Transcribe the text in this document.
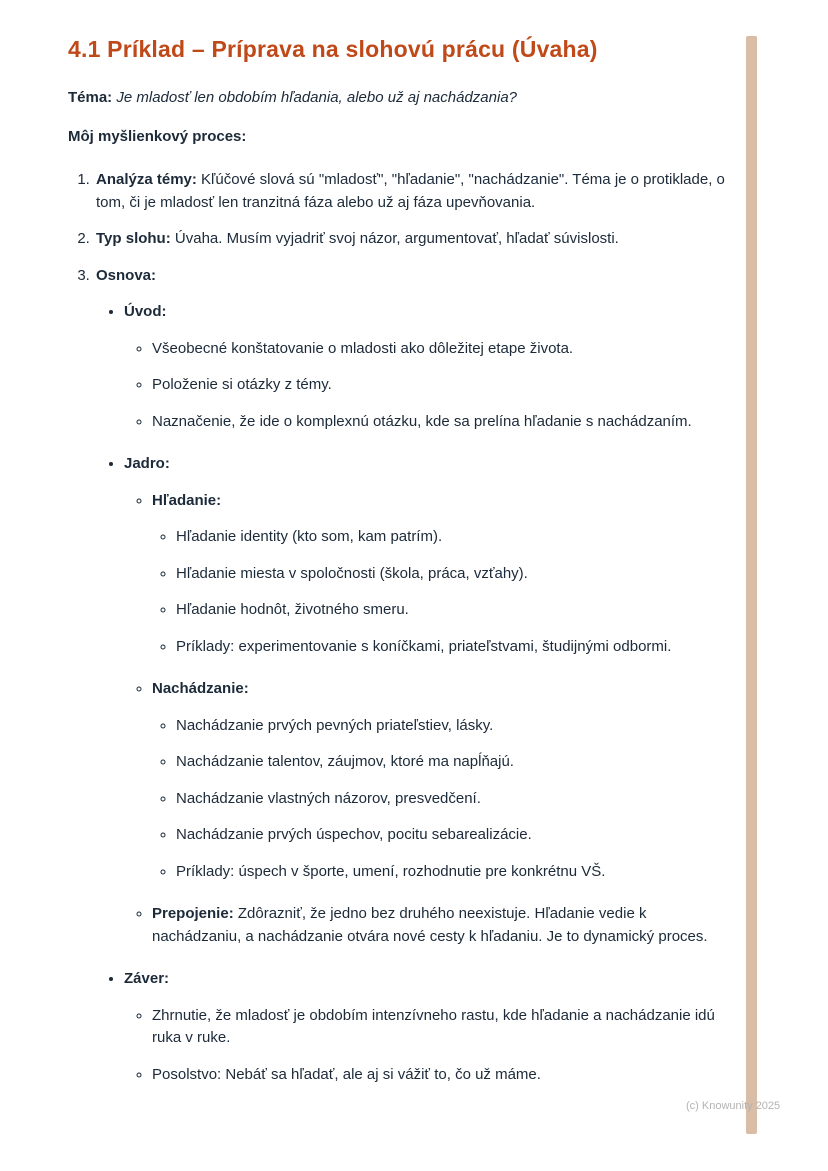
4.1 Príklad – Príprava na slohovú prácu (Úvaha)

Téma: Je mladosť len obdobím hľadania, alebo už aj nachádzania?

Môj myšlienkový proces:

1. Analýza témy: Kľúčové slová sú "mladosť", "hľadanie", "nachádzanie". Téma je o protiklade, o tom, či je mladosť len tranzitná fáza alebo už aj fáza upevňovania.
2. Typ slohu: Úvaha. Musím vyjadriť svoj názor, argumentovať, hľadať súvislosti.
3. Osnova:
• Úvod:
◦ Všeobecné konštatovanie o mladosti ako dôležitej etape života.
◦ Položenie si otázky z témy.
◦ Naznačenie, že ide o komplexnú otázku, kde sa prelína hľadanie s nachádzaním.
• Jadro:
◦ Hľadanie:
◦ Hľadanie identity (kto som, kam patrím).
◦ Hľadanie miesta v spoločnosti (škola, práca, vzťahy).
◦ Hľadanie hodnôt, životného smeru.
◦ Príklady: experimentovanie s koníčkami, priateľstvami, študijnými odbormi.
◦ Nachádzanie:
◦ Nachádzanie prvých pevných priateľstiev, lásky.
◦ Nachádzanie talentov, záujmov, ktoré ma napĺňajú.
◦ Nachádzanie vlastných názorov, presvedčení.
◦ Nachádzanie prvých úspechov, pocitu sebarealizácie.
◦ Príklady: úspech v športe, umení, rozhodnutie pre konkrétnu VŠ.
◦ Prepojenie: Zdôrazniť, že jedno bez druhého neexistuje. Hľadanie vedie k nachádzaniu, a nachádzanie otvára nové cesty k hľadaniu. Je to dynamický proces.
• Záver:
◦ Zhrnutie, že mladosť je obdobím intenzívneho rastu, kde hľadanie a nachádzanie idú ruka v ruke.
◦ Posolstvo: Nebáť sa hľadať, ale aj si vážiť to, čo už máme.
(c) Knowunity 2025
